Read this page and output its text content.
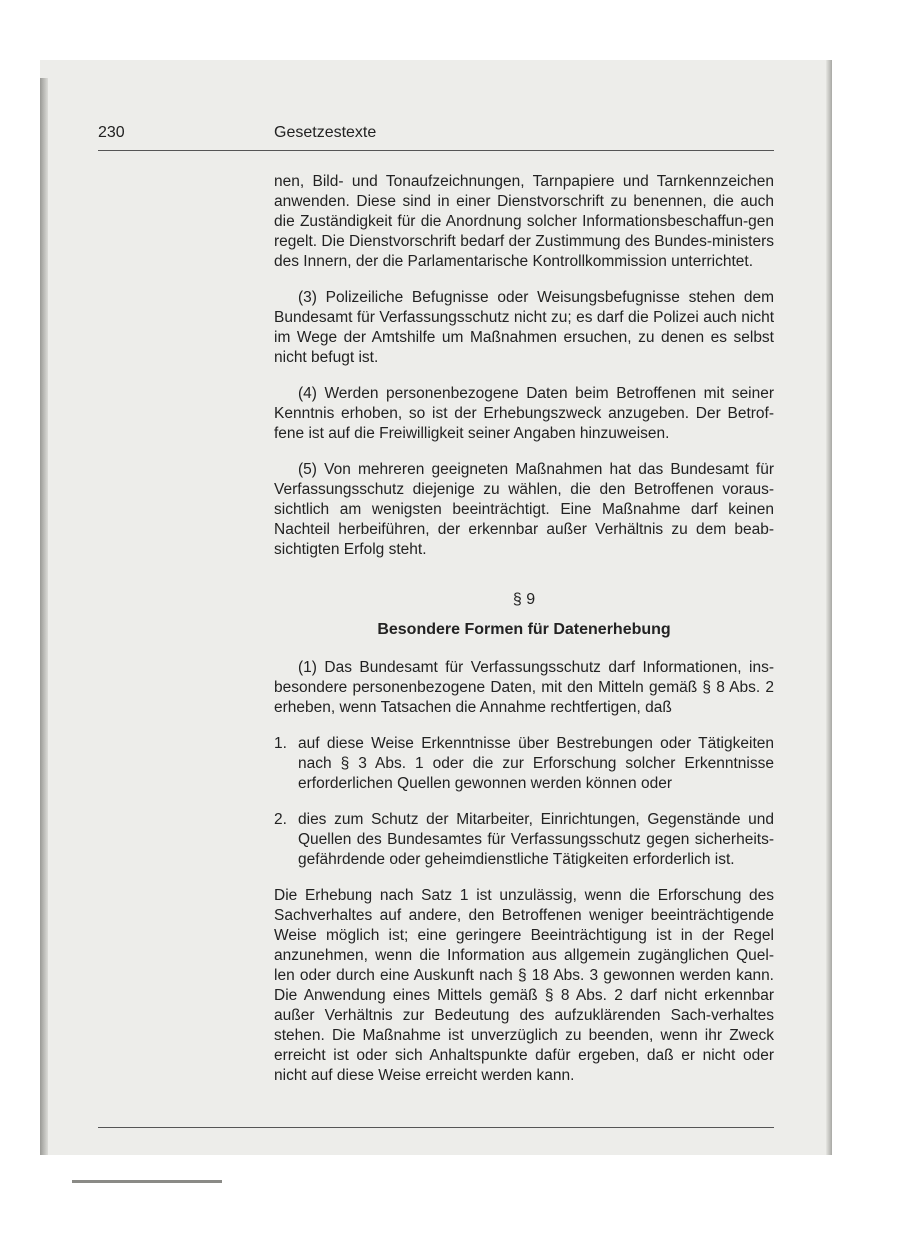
230	Gesetzestexte

nen, Bild- und Tonaufzeichnungen, Tarnpapiere und Tarnkennzeichen anwenden. Diese sind in einer Dienstvorschrift zu benennen, die auch die Zuständigkeit für die Anordnung solcher Informationsbeschaffun-gen regelt. Die Dienstvorschrift bedarf der Zustimmung des Bundes-ministers des Innern, der die Parlamentarische Kontrollkommission unterrichtet.

(3) Polizeiliche Befugnisse oder Weisungsbefugnisse stehen dem Bundesamt für Verfassungsschutz nicht zu; es darf die Polizei auch nicht im Wege der Amtshilfe um Maßnahmen ersuchen, zu denen es selbst nicht befugt ist.

(4) Werden personenbezogene Daten beim Betroffenen mit seiner Kenntnis erhoben, so ist der Erhebungszweck anzugeben. Der Betrof-fene ist auf die Freiwilligkeit seiner Angaben hinzuweisen.

(5) Von mehreren geeigneten Maßnahmen hat das Bundesamt für Verfassungsschutz diejenige zu wählen, die den Betroffenen voraus-sichtlich am wenigsten beeinträchtigt. Eine Maßnahme darf keinen Nachteil herbeiführen, der erkennbar außer Verhältnis zu dem beab-sichtigten Erfolg steht.

§ 9

Besondere Formen für Datenerhebung

(1) Das Bundesamt für Verfassungsschutz darf Informationen, ins-besondere personenbezogene Daten, mit den Mitteln gemäß § 8 Abs. 2 erheben, wenn Tatsachen die Annahme rechtfertigen, daß

1. auf diese Weise Erkenntnisse über Bestrebungen oder Tätigkeiten nach § 3 Abs. 1 oder die zur Erforschung solcher Erkenntnisse erforderlichen Quellen gewonnen werden können oder
2. dies zum Schutz der Mitarbeiter, Einrichtungen, Gegenstände und Quellen des Bundesamtes für Verfassungsschutz gegen sicherheits-gefährdende oder geheimdienstliche Tätigkeiten erforderlich ist.

Die Erhebung nach Satz 1 ist unzulässig, wenn die Erforschung des Sachverhaltes auf andere, den Betroffenen weniger beeinträchtigende Weise möglich ist; eine geringere Beeinträchtigung ist in der Regel anzunehmen, wenn die Information aus allgemein zugänglichen Quel-len oder durch eine Auskunft nach § 18 Abs. 3 gewonnen werden kann. Die Anwendung eines Mittels gemäß § 8 Abs. 2 darf nicht erkennbar außer Verhältnis zur Bedeutung des aufzuklärenden Sach-verhaltes stehen. Die Maßnahme ist unverzüglich zu beenden, wenn ihr Zweck erreicht ist oder sich Anhaltspunkte dafür ergeben, daß er nicht oder nicht auf diese Weise erreicht werden kann.
